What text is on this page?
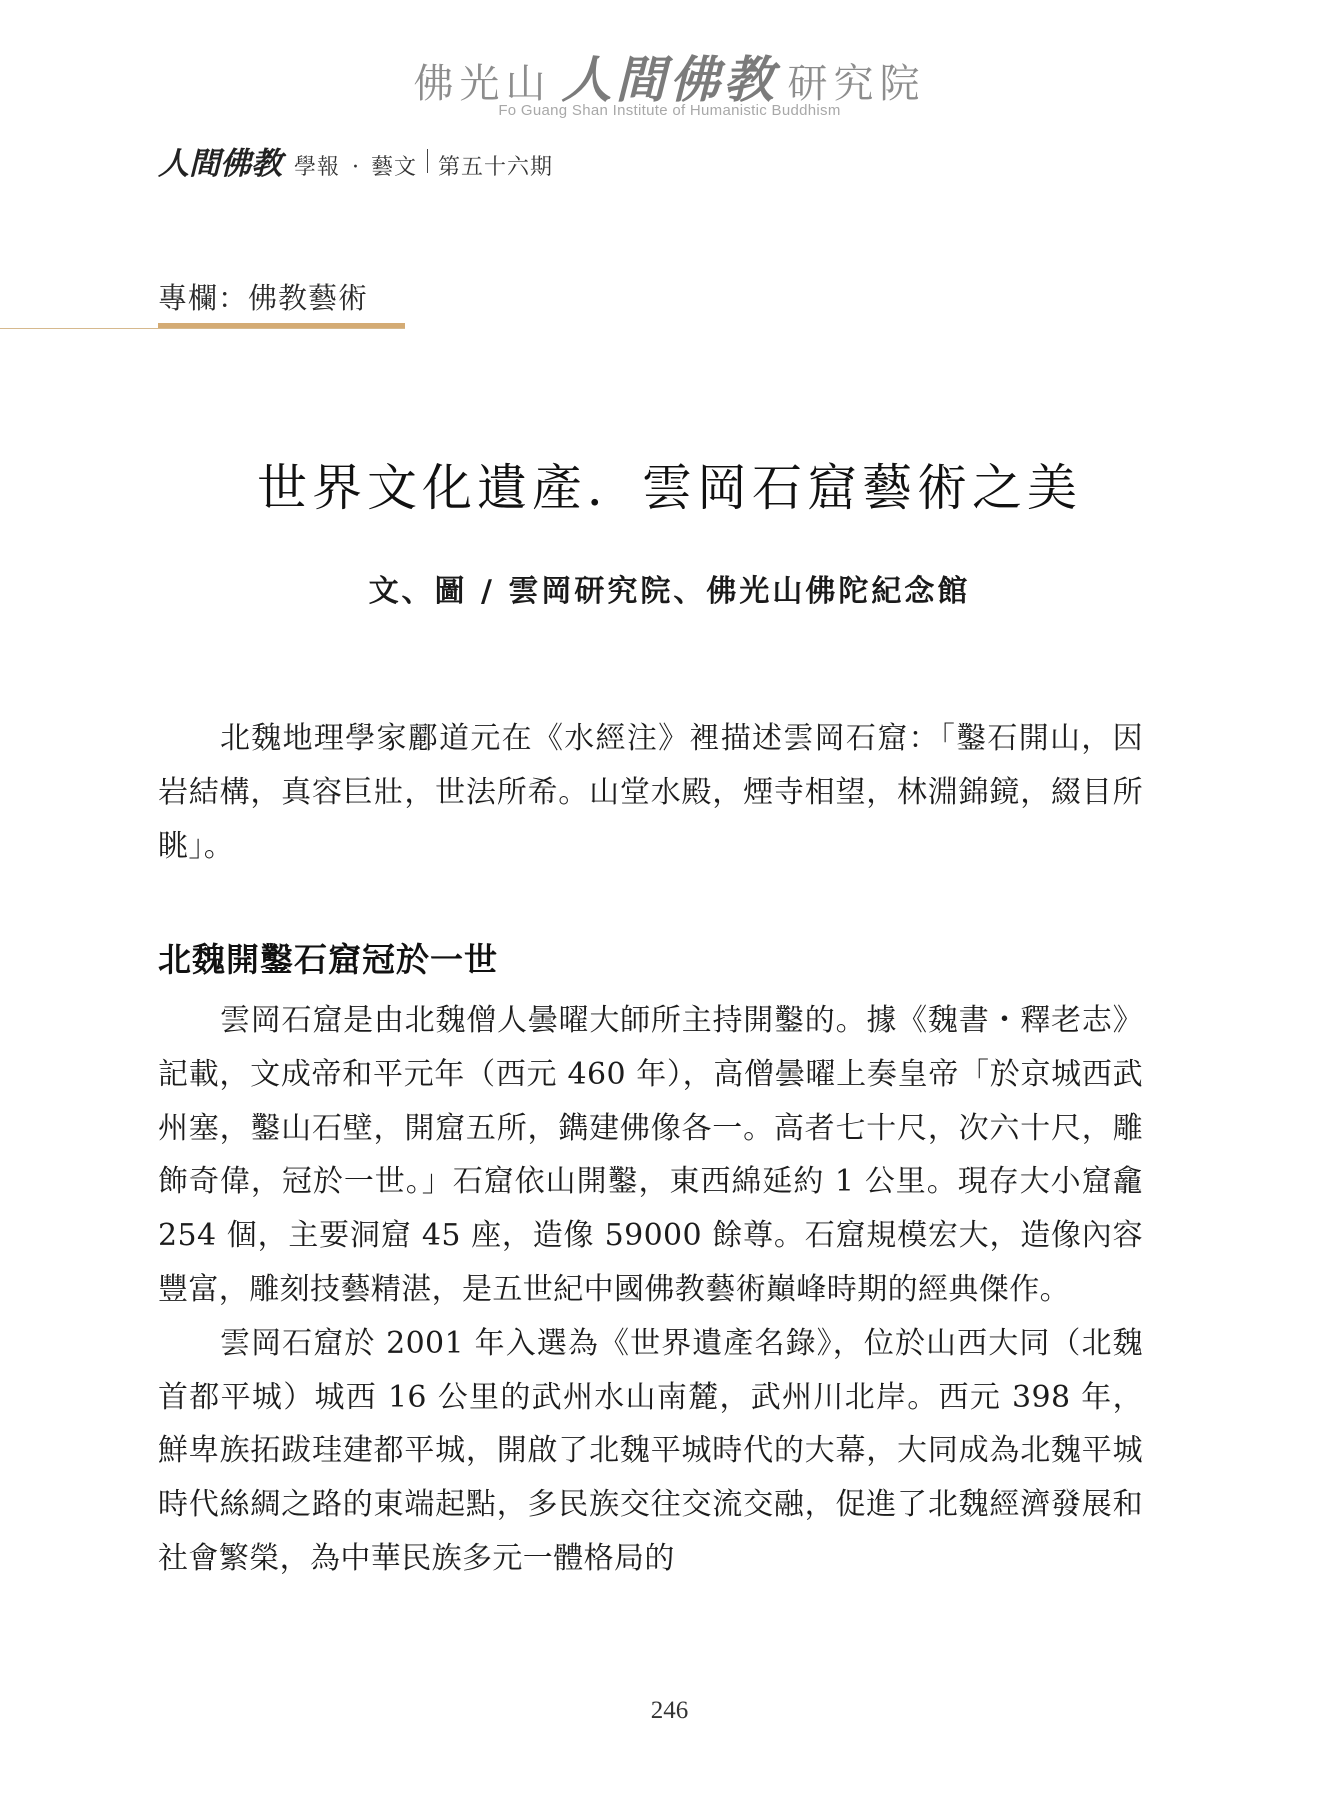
佛光山 人間佛教 研究院
Fo Guang Shan Institute of Humanistic Buddhism
人間佛教 學報 · 藝文 第五十六期
專欄：佛教藝術
世界文化遺產．雲岡石窟藝術之美
文、圖 / 雲岡研究院、佛光山佛陀紀念館

北魏地理學家酈道元在《水經注》裡描述雲岡石窟：「鑿石開山，因岩結構，真容巨壯，世法所希。山堂水殿，煙寺相望，林淵錦鏡，綴目所眺」。

北魏開鑿石窟冠於一世

雲岡石窟是由北魏僧人曇曜大師所主持開鑿的。據《魏書・釋老志》記載，文成帝和平元年（西元 460 年），高僧曇曜上奏皇帝「於京城西武州塞，鑿山石壁，開窟五所，鐫建佛像各一。高者七十尺，次六十尺，雕飾奇偉，冠於一世。」石窟依山開鑿，東西綿延約 1 公里。現存大小窟龕 254 個，主要洞窟 45 座，造像 59000 餘尊。石窟規模宏大，造像內容豐富，雕刻技藝精湛，是五世紀中國佛教藝術巔峰時期的經典傑作。

雲岡石窟於 2001 年入選為《世界遺產名錄》，位於山西大同（北魏首都平城）城西 16 公里的武州水山南麓，武州川北岸。西元 398 年，鮮卑族拓跋珪建都平城，開啟了北魏平城時代的大幕，大同成為北魏平城時代絲綢之路的東端起點，多民族交往交流交融，促進了北魏經濟發展和社會繁榮，為中華民族多元一體格局的

246
